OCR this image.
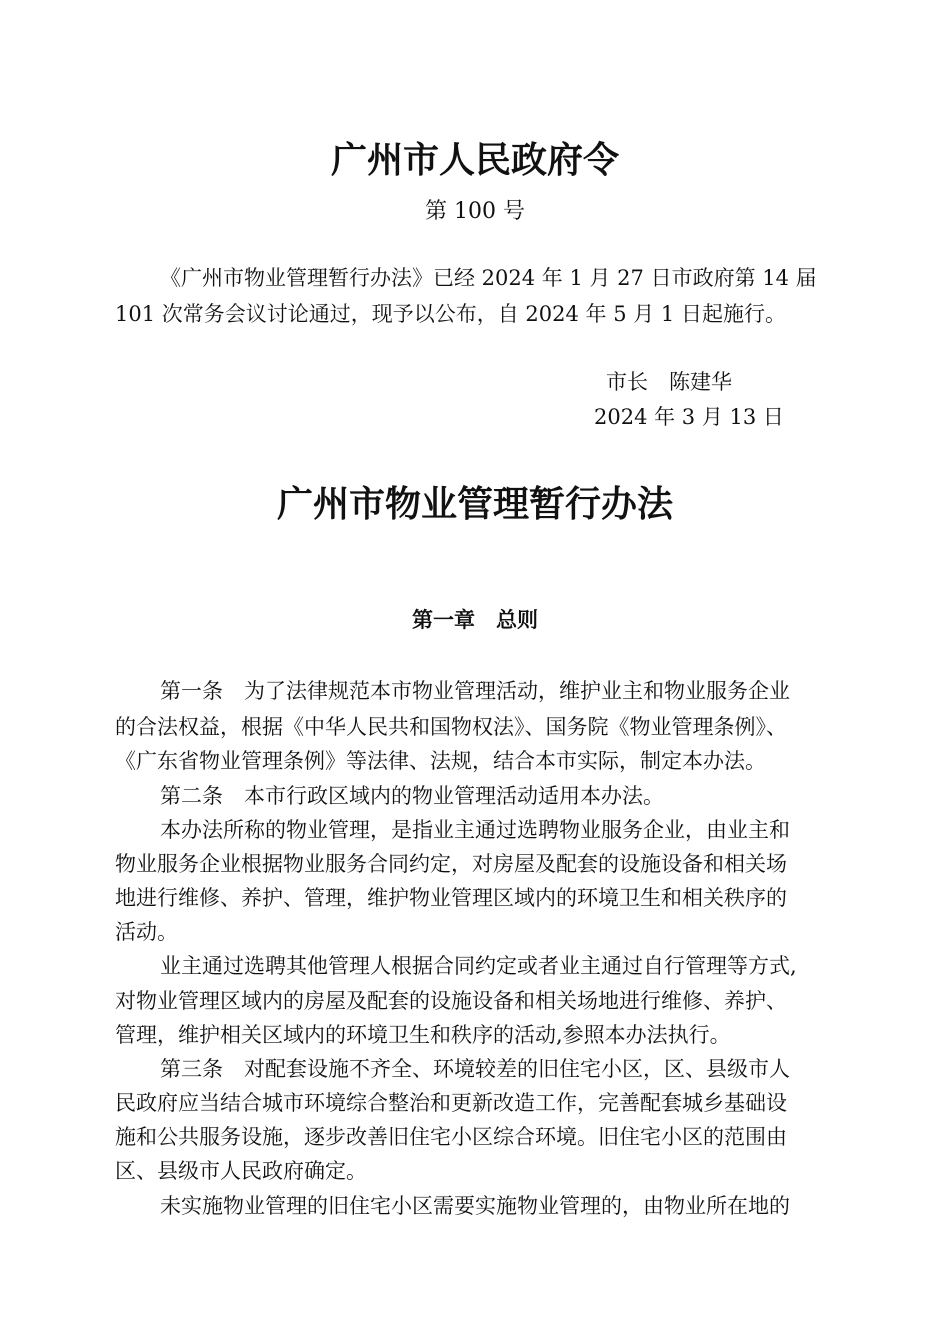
广州市人民政府令
第 100 号

《广州市物业管理暂行办法》已经 2024 年 1 月 27 日市政府第 14 届

101 次常务会议讨论通过，现予以公布，自 2024 年 5 月 1 日起施行。

市长　陈建华
2024 年 3 月 13 日
广州市物业管理暂行办法
第一章　总则

第一条　为了法律规范本市物业管理活动，维护业主和物业服务企业

的合法权益，根据《中华人民共和国物权法》、国务院《物业管理条例》、

《广东省物业管理条例》等法律、法规，结合本市实际，制定本办法。

第二条　本市行政区域内的物业管理活动适用本办法。

本办法所称的物业管理，是指业主通过选聘物业服务企业，由业主和

物业服务企业根据物业服务合同约定，对房屋及配套的设施设备和相关场

地进行维修、养护、管理，维护物业管理区域内的环境卫生和相关秩序的

活动。

业主通过选聘其他管理人根据合同约定或者业主通过自行管理等方式,

对物业管理区域内的房屋及配套的设施设备和相关场地进行维修、养护、

管理，维护相关区域内的环境卫生和秩序的活动,参照本办法执行。

第三条　对配套设施不齐全、环境较差的旧住宅小区，区、县级市人

民政府应当结合城市环境综合整治和更新改造工作，完善配套城乡基础设

施和公共服务设施，逐步改善旧住宅小区综合环境。旧住宅小区的范围由

区、县级市人民政府确定。

未实施物业管理的旧住宅小区需要实施物业管理的，由物业所在地的
